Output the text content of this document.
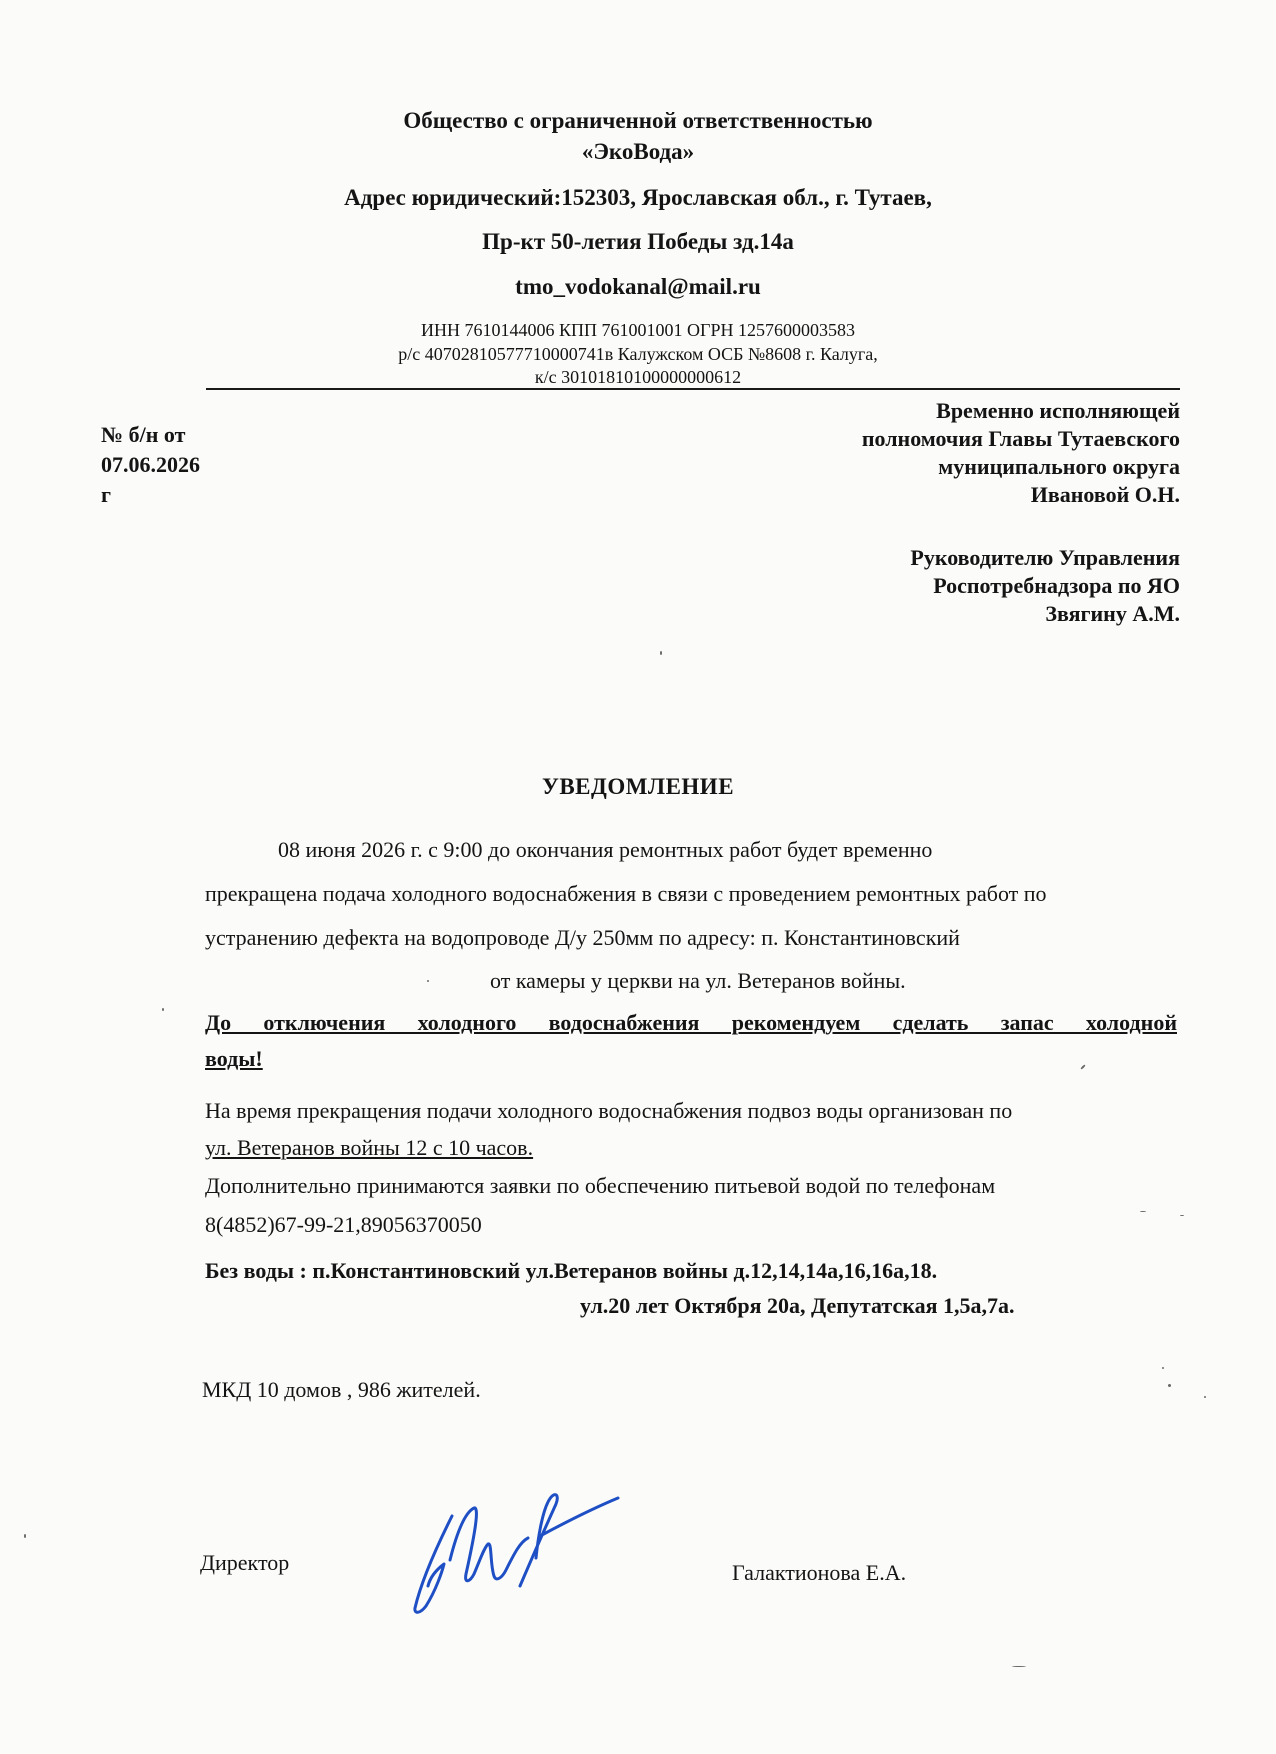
Общество с ограниченной ответственностью
«ЭкоВода»
Адрес юридический:152303, Ярославская обл., г. Тутаев,
Пр-кт 50-летия Победы зд.14а
tmo_vodokanal@mail.ru
ИНН 7610144006 КПП 761001001 ОГРН 1257600003583
р/с 40702810577710000741в Калужском ОСБ №8608 г. Калуга,
к/с 30101810100000000612
№ б/н от
07.06.2026
г
Временно исполняющей
полномочия Главы Тутаевского
муниципального округа
Ивановой О.Н.
Руководителю Управления
Роспотребнадзора по ЯО
Звягину А.М.
УВЕДОМЛЕНИЕ
08 июня 2026 г. с 9:00 до окончания ремонтных работ будет временно
прекращена подача холодного водоснабжения в связи с проведением ремонтных работ по
устранению дефекта на водопроводе Д/у 250мм по адресу: п. Константиновский
от камеры у церкви на ул. Ветеранов войны.
До отключения холодного водоснабжения рекомендуем сделать запас холодной
воды!
На время прекращения подачи холодного водоснабжения подвоз воды организован по
ул. Ветеранов войны 12 с 10 часов.
Дополнительно принимаются заявки по обеспечению питьевой водой по телефонам
8(4852)67-99-21,89056370050
Без воды : п.Константиновский ул.Ветеранов войны д.12,14,14а,16,16а,18.
ул.20 лет Октября 20а, Депутатская 1,5а,7а.
МКД 10 домов , 986 жителей.
Директор	Галактионова Е.А.
